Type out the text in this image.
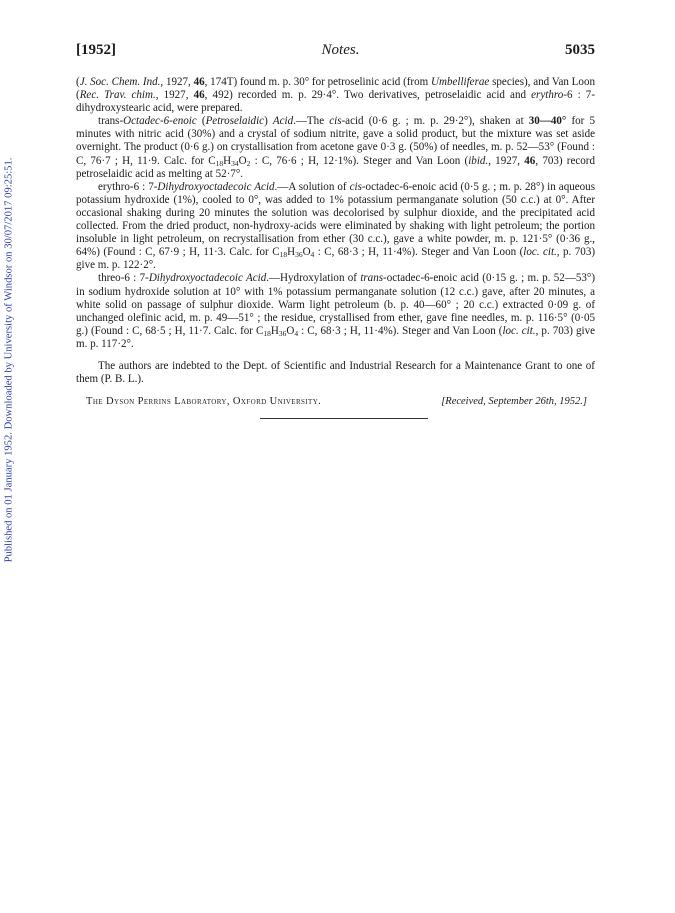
Published on 01 January 1952. Downloaded by University of Windsor on 30/07/2017 09:25:51.
[1952]	Notes.	5035

(J. Soc. Chem. Ind., 1927, 46, 174T) found m. p. 30° for petroselinic acid (from Umbelliferae species), and Van Loon (Rec. Trav. chim., 1927, 46, 492) recorded m. p. 29·4°. Two derivatives, petroselaidic acid and erythro-6 : 7-dihydroxystearic acid, were prepared.

trans-Octadec-6-enoic (Petroselaidic) Acid.—The cis-acid (0·6 g. ; m. p. 29·2°), shaken at 30—40° for 5 minutes with nitric acid (30%) and a crystal of sodium nitrite, gave a solid product, but the mixture was set aside overnight. The product (0·6 g.) on crystallisation from acetone gave 0·3 g. (50%) of needles, m. p. 52—53° (Found : C, 76·7 ; H, 11·9. Calc. for $C_{18}H_{34}O_2$ : C, 76·6 ; H, 12·1%). Steger and Van Loon (ibid., 1927, 46, 703) record petroselaidic acid as melting at 52·7°.

erythro-6 : 7-Dihydroxyoctadecoic Acid.—A solution of cis-octadec-6-enoic acid (0·5 g. ; m. p. 28°) in aqueous potassium hydroxide (1%), cooled to 0°, was added to 1% potassium permanganate solution (50 c.c.) at 0°. After occasional shaking during 20 minutes the solution was decolorised by sulphur dioxide, and the precipitated acid collected. From the dried product, non-hydroxy-acids were eliminated by shaking with light petroleum; the portion insoluble in light petroleum, on recrystallisation from ether (30 c.c.), gave a white powder, m. p. 121·5° (0·36 g., 64%) (Found : C, 67·9 ; H, 11·3. Calc. for $C_{18}H_{36}O_4$ : C, 68·3 ; H, 11·4%). Steger and Van Loon (loc. cit., p. 703) give m. p. 122·2°.

threo-6 : 7-Dihydroxyoctadecoic Acid.—Hydroxylation of trans-octadec-6-enoic acid (0·15 g. ; m. p. 52—53°) in sodium hydroxide solution at 10° with 1% potassium permanganate solution (12 c.c.) gave, after 20 minutes, a white solid on passage of sulphur dioxide. Warm light petroleum (b. p. 40—60° ; 20 c.c.) extracted 0·09 g. of unchanged olefinic acid, m. p. 49—51° ; the residue, crystallised from ether, gave fine needles, m. p. 116·5° (0·05 g.) (Found : C, 68·5 ; H, 11·7. Calc. for $C_{18}H_{36}O_4$ : C, 68·3 ; H, 11·4%). Steger and Van Loon (loc. cit., p. 703) give m. p. 117·2°.

The authors are indebted to the Dept. of Scientific and Industrial Research for a Maintenance Grant to one of them (P. B. L.).

The Dyson Perrins Laboratory, Oxford University.	[Received, September 26th, 1952.]
